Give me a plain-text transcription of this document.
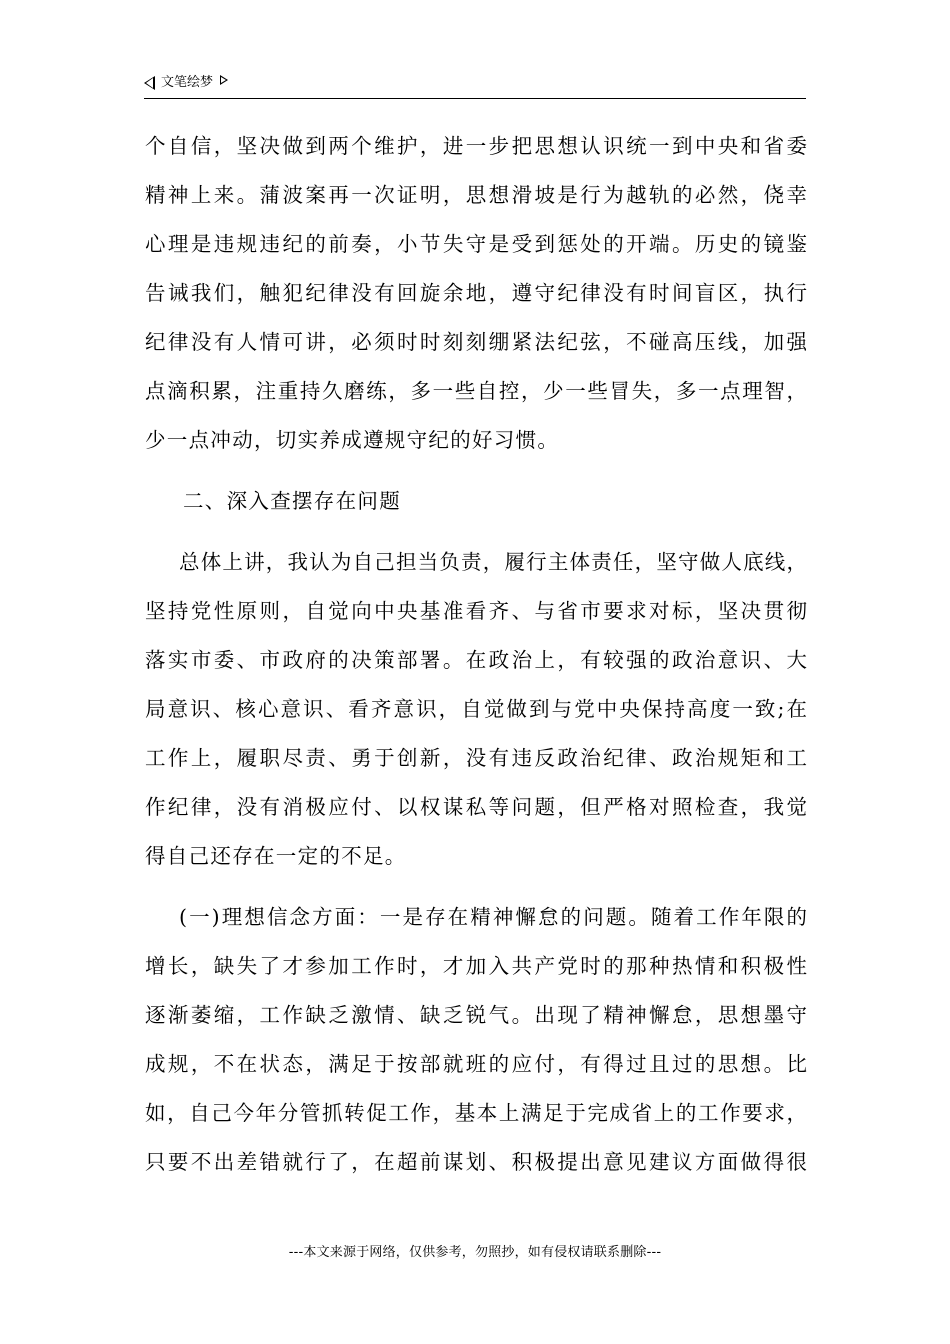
文笔绘梦
个自信，坚决做到两个维护，进一步把思想认识统一到中央和省委
精神上来。蒲波案再一次证明，思想滑坡是行为越轨的必然，侥幸
心理是违规违纪的前奏，小节失守是受到惩处的开端。历史的镜鉴
告诫我们，触犯纪律没有回旋余地，遵守纪律没有时间盲区，执行
纪律没有人情可讲，必须时时刻刻绷紧法纪弦，不碰高压线，加强
点滴积累，注重持久磨练，多一些自控，少一些冒失，多一点理智，
少一点冲动，切实养成遵规守纪的好习惯。
二、深入查摆存在问题
总体上讲，我认为自己担当负责，履行主体责任，坚守做人底线，
坚持党性原则，自觉向中央基准看齐、与省市要求对标，坚决贯彻
落实市委、市政府的决策部署。在政治上，有较强的政治意识、大
局意识、核心意识、看齐意识，自觉做到与党中央保持高度一致;在
工作上，履职尽责、勇于创新，没有违反政治纪律、政治规矩和工
作纪律，没有消极应付、以权谋私等问题，但严格对照检查，我觉
得自己还存在一定的不足。
(一)理想信念方面：一是存在精神懈怠的问题。随着工作年限的
增长，缺失了才参加工作时，才加入共产党时的那种热情和积极性
逐渐萎缩，工作缺乏激情、缺乏锐气。出现了精神懈怠，思想墨守
成规，不在状态，满足于按部就班的应付，有得过且过的思想。比
如，自己今年分管抓转促工作，基本上满足于完成省上的工作要求，
只要不出差错就行了，在超前谋划、积极提出意见建议方面做得很
---本文来源于网络，仅供参考，勿照抄，如有侵权请联系删除---
